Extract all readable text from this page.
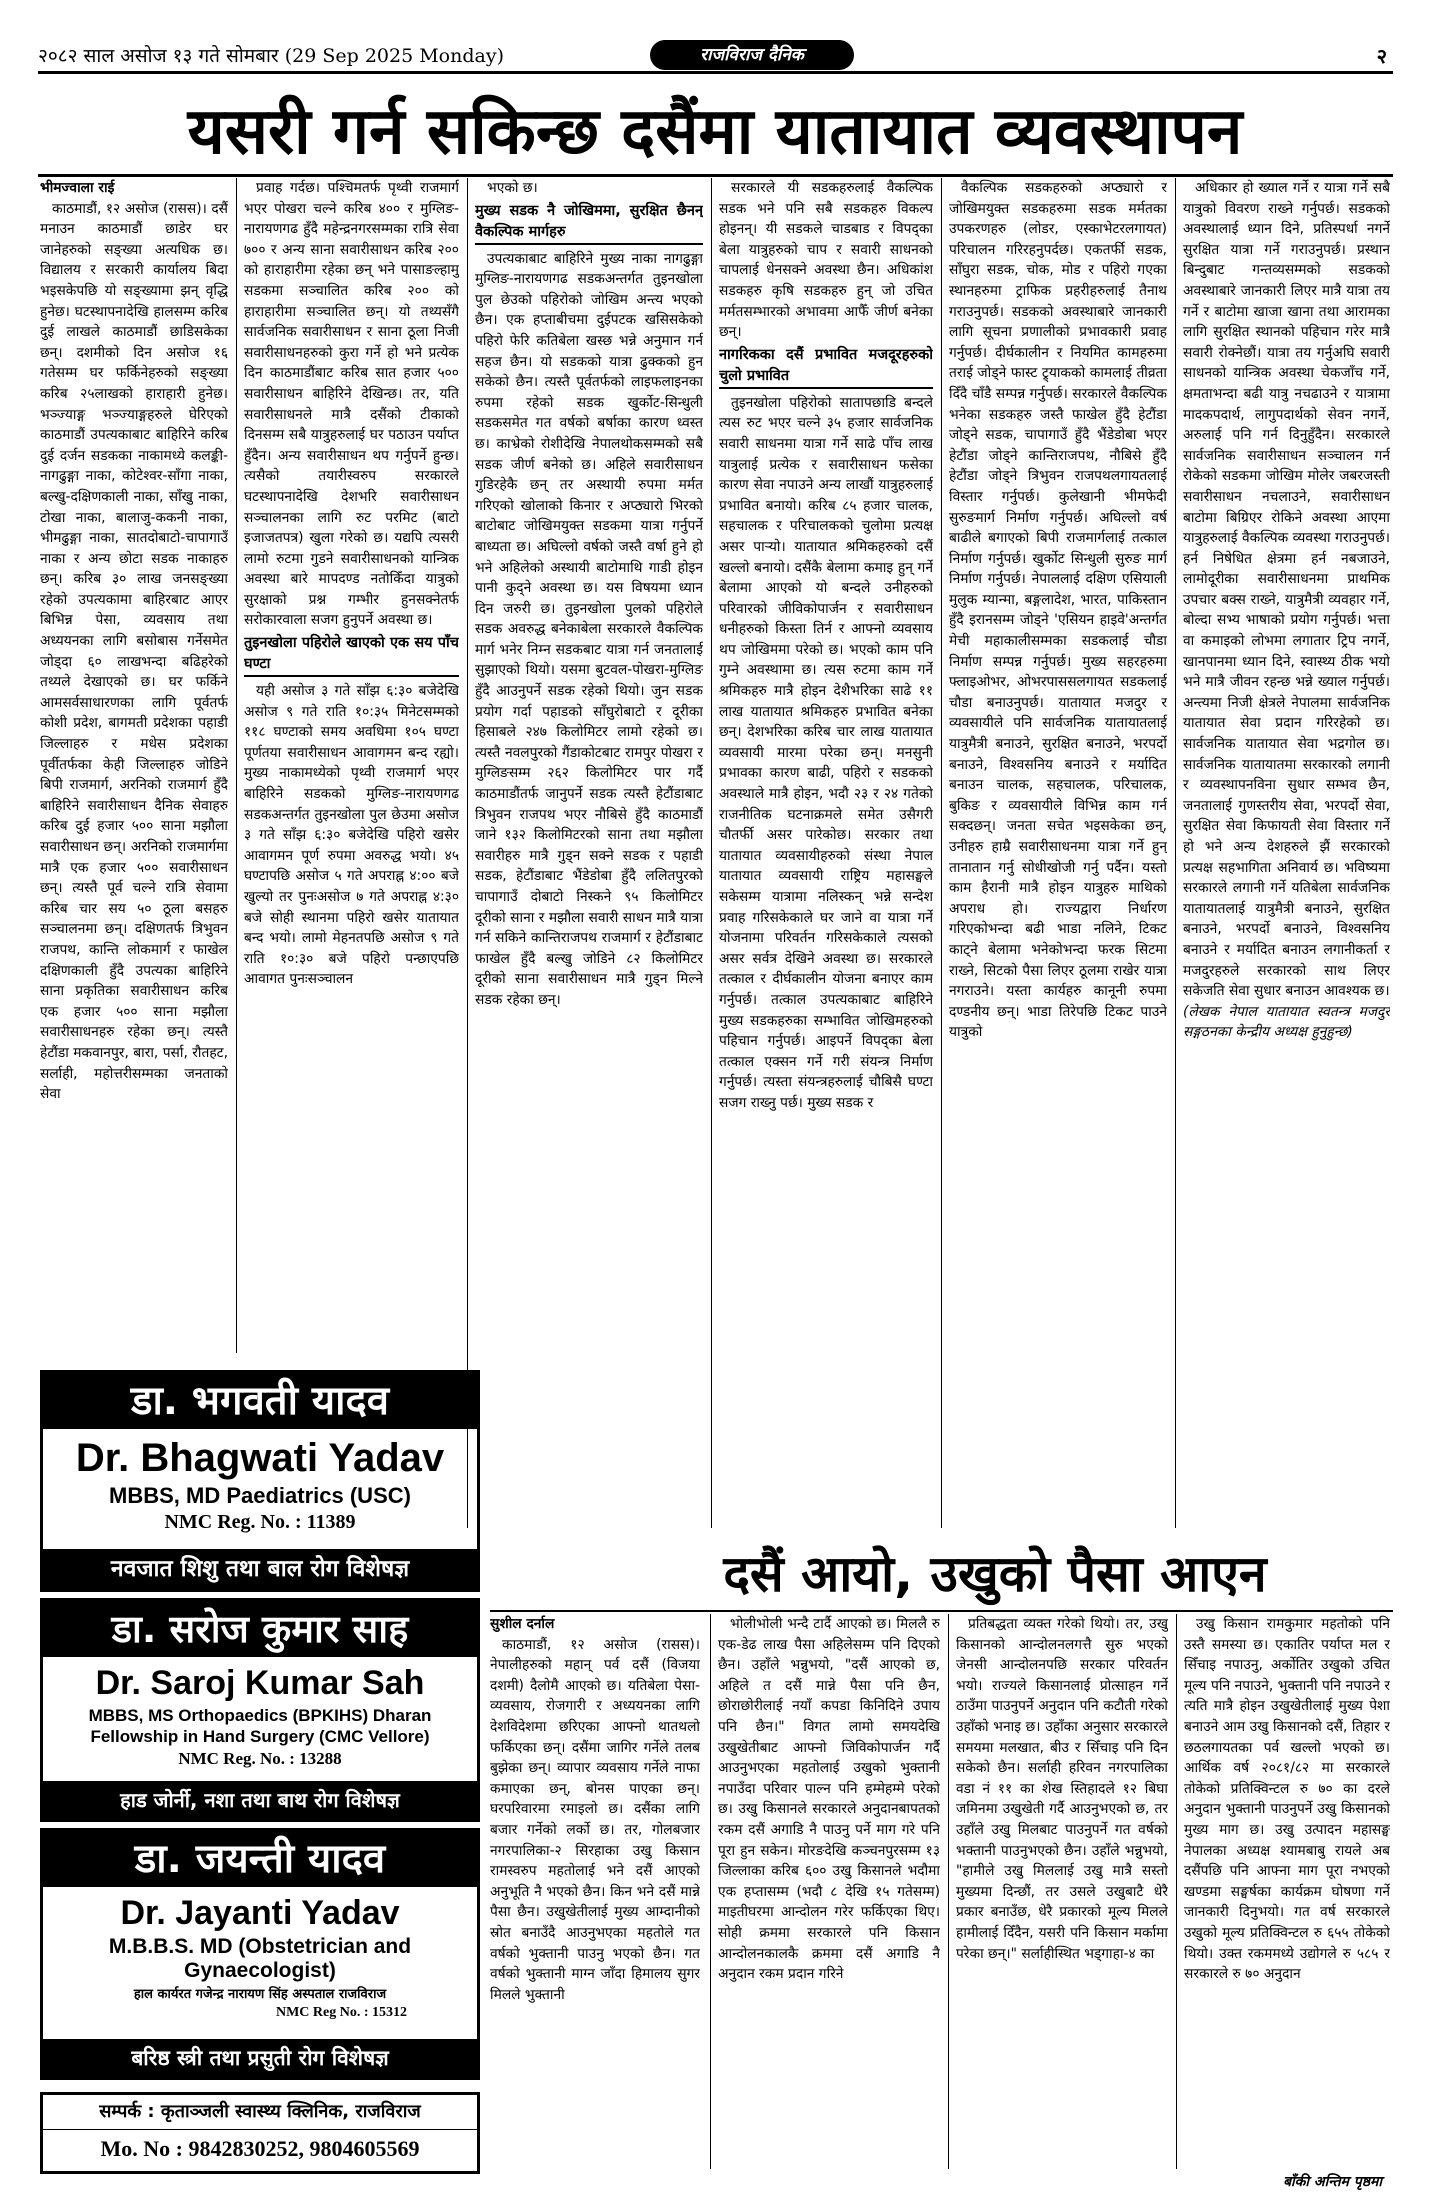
२०८२ साल असोज १३ गते सोमबार (29 Sep 2025 Monday)	राजविराज दैनिक	२
यसरी गर्न सकिन्छ दसैंमा यातायात व्यवस्थापन

भीमज्वाला राई

काठमाडौं, १२ असोज (रासस)। दसैं मनाउन काठमाडौं छाडेर घर जानेहरुको सङ्ख्या अत्यधिक छ। विद्यालय र सरकारी कार्यालय बिदा भइसकेपछि यो सङ्ख्यामा झन् वृद्धि हुनेछ। घटस्थापनादेखि हालसम्म करिब दुई लाखले काठमाडौं छाडिसकेका छन्। दशमीको दिन असोज १६ गतेसम्म घर फर्किनेहरुको सङ्ख्या करिब २५लाखको हाराहारी हुनेछ। भञ्ज्याङ्ग भञ्ज्याङ्गहरुले घेरिएको काठमाडौं उपत्यकाबाट बाहिरिने करिब दुई दर्जन सडकका नाकामध्ये कलङ्की-नागढुङ्गा नाका, कोटेश्वर-साँगा नाका, बल्खु-दक्षिणकाली नाका, साँखु नाका, टोखा नाका, बालाजु-ककनी नाका, भीमढुङ्गा नाका, सातदोबाटो-चापागाउँ नाका र अन्य छोटा सडक नाकाहरु छन्। करिब ३० लाख जनसङ्ख्या रहेको उपत्यकामा बाहिरबाट आएर बिभिन्न पेसा, व्यवसाय तथा अध्ययनका लागि बसोबास गर्नेसमेत जोड्दा ६० लाखभन्दा बढिहरेको तथ्यले देखाएको छ। घर फर्किने आमसर्वसाधारणका लागि पूर्वतर्फ कोशी प्रदेश, बागमती प्रदेशका पहाडी जिल्लाहरु र मधेस प्रदेशका पूर्वीतर्फका केही जिल्लाहरु जोडिने बिपी राजमार्ग, अरनिको राजमार्ग हुँदै बाहिरिने सवारीसाधन दैनिक सेवाहरु करिब दुई हजार ५०० साना मझौला सवारीसाधन छन्। अरनिको राजमार्गमा मात्रै एक हजार ५०० सवारीसाधन छन्। त्यस्तै पूर्व चल्ने रात्रि सेवामा करिब चार सय ५० ठूला बसहरु सञ्चालनमा छन्। दक्षिणतर्फ त्रिभुवन राजपथ, कान्ति लोकमार्ग र फाखेल दक्षिणकाली हुँदै उपत्यका बाहिरिने साना प्रकृतिका सवारीसाधन करिब एक हजार ५०० साना मझौला सवारीसाधनहरु रहेका छन्। त्यस्तै हेटौंडा मकवानपुर, बारा, पर्सा, रौतहट, सर्लाही, महोत्तरीसम्मका जनताको सेवा

प्रवाह गर्दछ। पश्चिमतर्फ पृथ्वी राजमार्ग भएर पोखरा चल्ने करिब ४०० र मुग्लिङ-नारायणगढ हुँदै महेन्द्रनगरसम्मका रात्रि सेवा ७०० र अन्य साना सवारीसाधन करिब २०० को हाराहारीमा रहेका छन् भने पासाङल्हामु सडकमा सञ्चालित करिब २०० को हाराहारीमा सञ्चालित छन्। यो तथ्यसँगै सार्वजनिक सवारीसाधन र साना ठूला निजी सवारीसाधनहरुको कुरा गर्ने हो भने प्रत्येक दिन काठमाडौंबाट करिब सात हजार ५०० सवारीसाधन बाहिरिने देखिन्छ। तर, यति सवारीसाधनले मात्रै दसैंको टीकाको दिनसम्म सबै यात्रुहरुलाई घर पठाउन पर्याप्त हुँदैन। अन्य सवारीसाधन थप गर्नुपर्ने हुन्छ। त्यसैको तयारीस्वरुप सरकारले घटस्थापनादेखि देशभरि सवारीसाधन सञ्चालनका लागि रुट परमिट (बाटो इजाजतपत्र) खुला गरेको छ। यद्यपि त्यसरी लामो रुटमा गुडने सवारीसाधनको यान्त्रिक अवस्था बारे मापदण्ड नतोकिँदा यात्रुको सुरक्षाको प्रश्न गम्भीर हुनसक्नेतर्फ सरोकारवाला सजग हुनुपर्ने अवस्था छ।

तुइनखोला पहिरोले खाएको एक सय पाँच घण्टा

यही असोज ३ गते साँझ ६:३० बजेदेखि असोज ९ गते राति १०:३५ मिनेटसम्मको ११८ घण्टाको समय अवधिमा १०५ घण्टा पूर्णतया सवारीसाधन आवागमन बन्द रह्यो। मुख्य नाकामध्येको पृथ्वी राजमार्ग भएर बाहिरिने सडकको मुग्लिङ-नारायणगढ सडकअन्तर्गत तुइनखोला पुल छेउमा असोज ३ गते साँझ ६:३० बजेदेखि पहिरो खसेर आवागमन पूर्ण रुपमा अवरुद्ध भयो। ४५ घण्टापछि असोज ५ गते अपराह्न ४:०० बजे खुल्यो तर पुनःअसोज ७ गते अपराह्न ४:३० बजे सोही स्थानमा पहिरो खसेर यातायात बन्द भयो। लामो मेहनतपछि असोज ९ गते राति १०:३० बजे पहिरो पन्छाएपछि आवागत पुनःसञ्चालन

भएको छ।

मुख्य सडक नै जोखिममा, सुरक्षित छैनन् वैकल्पिक मार्गहरु

उपत्यकाबाट बाहिरिने मुख्य नाका नागढुङ्गा मुग्लिङ-नारायणगढ सडकअन्तर्गत तुइनखोला पुल छेउको पहिरोको जोखिम अन्त्य भएको छैन। एक हप्ताबीचमा दुईपटक खसिसकेको पहिरो फेरि कतिबेला खस्छ भन्ने अनुमान गर्न सहज छैन। यो सडकको यात्रा ढुक्कको हुन सकेको छैन। त्यस्तै पूर्वतर्फको लाइफलाइनका रुपमा रहेको सडक खुर्कोट-सिन्धुली सडकसमेत गत वर्षको बर्षाका कारण ध्वस्त छ। काभ्रेको रोशीदेखि नेपालथोकसम्मको सबै सडक जीर्ण बनेको छ। अहिले सवारीसाधन गुडिरहेकै छन् तर अस्थायी रुपमा मर्मत गरिएको खोलाको किनार र अप्ठ्यारो भिरको बाटोबाट जोखिमयुक्त सडकमा यात्रा गर्नुपर्ने बाध्यता छ। अघिल्लो वर्षको जस्तै वर्षा हुने हो भने अहिलेको अस्थायी बाटोमाथि गाडी होइन पानी कुद्ने अवस्था छ। यस विषयमा ध्यान दिन जरुरी छ। तुइनखोला पुलको पहिरोले सडक अवरुद्ध बनेकाबेला सरकारले वैकल्पिक मार्ग भनेर निम्न सडकबाट यात्रा गर्न जनतालाई सुझाएको थियो। यसमा बुटवल-पोखरा-मुग्लिङ हुँदै आउनुपर्ने सडक रहेको थियो। जुन सडक प्रयोग गर्दा पहाडको साँघुरोबाटो र दूरीका हिसाबले २४७ किलोमिटर लामो रहेको छ। त्यस्तै नवलपुरको गैंडाकोटबाट रामपुर पोखरा र मुग्लिङसम्म २६२ किलोमिटर पार गर्दै काठमाडौंतर्फ जानुपर्ने सडक त्यस्तै हेटौंडाबाट त्रिभुवन राजपथ भएर नौबिसे हुँदै काठमाडौं जाने १३२ किलोमिटरको साना तथा मझौला सवारीहरु मात्रै गुड्न सक्ने सडक र पहाडी सडक, हेटौंडाबाट भैंडेडोबा हुँदै ललितपुरको चापागाउँ दोबाटो निस्कने ९५ किलोमिटर दूरीको साना र मझौला सवारी साधन मात्रै यात्रा गर्न सकिने कान्तिराजपथ राजमार्ग र हेटौंडाबाट फाखेल हुँदै बल्खु जोडिने ८२ किलोमिटर दूरीको साना सवारीसाधन मात्रै गुड्न मिल्ने सडक रहेका छन्।

सरकारले यी सडकहरुलाई वैकल्पिक सडक भने पनि सबै सडकहरु विकल्प होइनन्। यी सडकले चाडबाड र विपद्का बेला यात्रुहरुको चाप र सवारी साधनको चापलाई धेनसक्ने अवस्था छैन। अधिकांश सडकहरु कृषि सडकहरु हुन् जो उचित मर्मतसम्भारको अभावमा आफैँ जीर्ण बनेका छन्।

नागरिकका दसैं प्रभावित मजदूरहरुको चुलो प्रभावित

तुइनखोला पहिरोको सातापछाडि बन्दले त्यस रुट भएर चल्ने ३५ हजार सार्वजनिक सवारी साधनमा यात्रा गर्ने साढे पाँच लाख यात्रुलाई प्रत्येक र सवारीसाधन फसेका कारण सेवा नपाउने अन्य लाखौं यात्रुहरुलाई प्रभावित बनायो। करिब ८५ हजार चालक, सहचालक र परिचालकको चुलोमा प्रत्यक्ष असर पार्‍यो। यातायात श्रमिकहरुको दसैं खल्लो बनायो। दसैंकै बेलामा कमाइ हुन् गर्ने बेलामा आएको यो बन्दले उनीहरुको परिवारको जीविकोपार्जन र सवारीसाधन धनीहरुको किस्ता तिर्न र आफ्नो व्यवसाय थप जोखिममा परेको छ। भएको काम पनि गुम्ने अवस्थामा छ। त्यस रुटमा काम गर्ने श्रमिकहरु मात्रै होइन देशैभरिका साढे ११ लाख यातायात श्रमिकहरु प्रभावित बनेका छन्। देशभरिका करिब चार लाख यातायात व्यवसायी मारमा परेका छन्। मनसुनी प्रभावका कारण बाढी, पहिरो र सडकको अवस्थाले मात्रै होइन, भदौ २३ र २४ गतेको राजनीतिक घटनाक्रमले समेत उसैगरी चौतर्फी असर पारेकोछ। सरकार तथा यातायात व्यवसायीहरुको संस्था नेपाल यातायात व्यवसायी राष्ट्रिय महासङ्घले सकेसम्म यात्रामा नलिस्कन् भन्ने सन्देश प्रवाह गरिसकेकाले घर जाने वा यात्रा गर्ने योजनामा परिवर्तन गरिसकेकाले त्यसको असर सर्वत्र देखिने अवस्था छ। सरकारले तत्काल र दीर्घकालीन योजना बनाएर काम गर्नुपर्छ। तत्काल उपत्यकाबाट बाहिरिने मुख्य सडकहरुका सम्भावित जोखिमहरुको पहिचान गर्नुपर्छ। आइपर्ने विपद्का बेला तत्काल एक्सन गर्ने गरी संयन्त्र निर्माण गर्नुपर्छ। त्यस्ता संयन्त्रहरुलाई चौबिसै घण्टा सजग राख्नु पर्छ। मुख्य सडक र

वैकल्पिक सडकहरुको अप्ठ्यारो र जोखिमयुक्त सडकहरुमा सडक मर्मतका उपकरणहरु (लोडर, एस्काभेटरलगायत) परिचालन गरिरहनुपर्दछ। एकतर्फी सडक, साँघुरा सडक, चोक, मोड र पहिरो गएका स्थानहरुमा ट्राफिक प्रहरीहरुलाई तैनाथ गराउनुपर्छ। सडकको अवस्थाबारे जानकारी लागि सूचना प्रणालीको प्रभावकारी प्रवाह गर्नुपर्छ। दीर्घकालीन र नियमित कामहरुमा तराई जोड्ने फास्ट ट्र्याकको कामलाई तीव्रता दिँदै चाँडै सम्पन्न गर्नुपर्छ। सरकारले वैकल्पिक भनेका सडकहरु जस्तै फाखेल हुँदै हेटौंडा जोड्ने सडक, चापागाउँ हुँदै भैंडेडोबा भएर हेटौंडा जोड्ने कान्तिराजपथ, नौबिसे हुँदै हेटौंडा जोड्ने त्रिभुवन राजपथलगायतलाई विस्तार गर्नुपर्छ। कुलेखानी भीमफेदी सुरुङमार्ग निर्माण गर्नुपर्छ। अघिल्लो वर्ष बाढीले बगाएको बिपी राजमार्गलाई तत्काल निर्माण गर्नुपर्छ। खुर्कोट सिन्धुली सुरुङ मार्ग निर्माण गर्नुपर्छ। नेपाललाई दक्षिण एसियाली मुलुक म्यान्मा, बङ्गलादेश, भारत, पाकिस्तान हुँदै इरानसम्म जोड्ने 'एसियन हाइवे'अन्तर्गत मेची महाकालीसम्मका सडकलाई चौडा निर्माण सम्पन्न गर्नुपर्छ। मुख्य सहरहरुमा फ्लाइओभर, ओभरपाससलगायत सडकलाई चौडा बनाउनुपर्छ। यातायात मजदुर र व्यवसायीले पनि सार्वजनिक यातायातलाई यात्रुमैत्री बनाउने, सुरक्षित बनाउने, भरपर्दो बनाउने, विश्वसनिय बनाउने र मर्यादित बनाउन चालक, सहचालक, परिचालक, बुकिङ र व्यवसायीले विभिन्न काम गर्न सक्दछन्। जनता सचेत भइसकेका छन्, उनीहरु हाम्रै सवारीसाधनमा यात्रा गर्ने हुन् तानातान गर्नु सोधीखोजी गर्नु पर्दैन। यस्तो काम हैरानी मात्रै होइन यात्रुहरु माथिको अपराध हो। राज्यद्वारा निर्धारण गरिएकोभन्दा बढी भाडा नलिने, टिकट काट्ने बेलामा भनेकोभन्दा फरक सिटमा राख्ने, सिटको पैसा लिएर ठूलमा राखेर यात्रा नगराउने। यस्ता कार्यहरु कानूनी रुपमा दण्डनीय छन्। भाडा तिरेपछि टिकट पाउने यात्रुको

अधिकार हो ख्याल गर्ने र यात्रा गर्ने सबै यात्रुको विवरण राख्ने गर्नुपर्छ। सडकको अवस्थालाई ध्यान दिने, प्रतिस्पर्धा नगर्ने सुरक्षित यात्रा गर्ने गराउनुपर्छ। प्रस्थान बिन्दुबाट गन्तव्यसम्मको सडकको अवस्थाबारे जानकारी लिएर मात्रै यात्रा तय गर्ने र बाटोमा खाजा खाना तथा आरामका लागि सुरक्षित स्थानको पहिचान गरेर मात्रै सवारी रोक्नेछौं। यात्रा तय गर्नुअघि सवारी साधनको यान्त्रिक अवस्था चेकजाँच गर्ने, क्षमताभन्दा बढी यात्रु नचढाउने र यात्रामा मादकपदार्थ, लागुपदार्थको सेवन नगर्ने, अरुलाई पनि गर्न दिनुहुँदैन। सरकारले सार्वजनिक सवारीसाधन सञ्चालन गर्न रोकेको सडकमा जोखिम मोलेर जबरजस्ती सवारीसाधन नचलाउने, सवारीसाधन बाटोमा बिग्रिएर रोकिने अवस्था आएमा यात्रुहरुलाई वैकल्पिक व्यवस्था गराउनुपर्छ। हर्न निषेधित क्षेत्रमा हर्न नबजाउने, लामोदूरीका सवारीसाधनमा प्राथमिक उपचार बक्स राख्ने, यात्रुमैत्री व्यवहार गर्ने, बोल्दा सभ्य भाषाको प्रयोग गर्नुपर्छ। भत्ता वा कमाइको लोभमा लगातार ट्रिप नगर्ने, खानपानमा ध्यान दिने, स्वास्थ्य ठीक भयो भने मात्रै जीवन रहन्छ भन्ने ख्याल गर्नुपर्छ। अन्त्यमा निजी क्षेत्रले नेपालमा सार्वजनिक यातायात सेवा प्रदान गरिरहेको छ। सार्वजनिक यातायात सेवा भद्रगोल छ। सार्वजनिक यातायातमा सरकारको लगानी र व्यवस्थापनविना सुधार सम्भव छैन, जनतालाई गुणस्तरीय सेवा, भरपर्दो सेवा, सुरक्षित सेवा किफायती सेवा विस्तार गर्ने हो भने अन्य देशहरुले झैं सरकारको प्रत्यक्ष सहभागिता अनिवार्य छ। भविष्यमा सरकारले लगानी गर्ने यतिबेला सार्वजनिक यातायातलाई यात्रुमैत्री बनाउने, सुरक्षित बनाउने, भरपर्दो बनाउने, विश्वसनिय बनाउने र मर्यादित बनाउन लगानीकर्ता र मजदुरहरुले सरकारको साथ लिएर सकेजति सेवा सुधार बनाउन आवश्यक छ।

(लेखक नेपाल यातायात स्वतन्त्र मजदुर सङ्गठनका केन्द्रीय अध्यक्ष हुनुहुन्छ)

डा. भगवती यादव
Dr. Bhagwati Yadav
MBBS, MD Paediatrics (USC)
NMC Reg. No. : 11389
नवजात शिशु तथा बाल रोग विशेषज्ञ
डा. सरोज कुमार साह
Dr. Saroj Kumar Sah
MBBS, MS Orthopaedics (BPKIHS) Dharan Fellowship in Hand Surgery (CMC Vellore)
NMC Reg. No. : 13288
हाड जोर्नी, नशा तथा बाथ रोग विशेषज्ञ
डा. जयन्ती यादव
Dr. Jayanti Yadav
M.B.B.S. MD (Obstetrician and Gynaecologist)
हाल कार्यरत गजेन्द्र नारायण सिंह अस्पताल राजविराज
NMC Reg No. : 15312
बरिष्ठ स्त्री तथा प्रसुती रोग विशेषज्ञ
सम्पर्क : कृताञ्जली स्वास्थ्य क्लिनिक, राजविराज
Mo. No : 9842830252, 9804605569
दसैं आयो, उखुको पैसा आएन

सुशील दर्नाल

काठमाडौं, १२ असोज (रासस)। नेपालीहरुको महान् पर्व दसैं (विजया दशमी) दैलोमै आएको छ। यतिबेला पेसा-व्यवसाय, रोजगारी र अध्ययनका लागि देशविदेशमा छरिएका आफ्नो थातथलो फर्किएका छन्। दसैंमा जागिर गर्नेले तलब बुझेका छन्। व्यापार व्यवसाय गर्नेले नाफा कमाएका छन्, बोनस पाएका छन्। घरपरिवारमा रमाइलो छ। दसैंका लागि बजार गर्नेको लर्को छ। तर, गोलबजार नगरपालिका-२ सिरहाका उखु किसान रामस्वरुप महतोलाई भने दसैं आएको अनुभूति नै भएको छैन। किन भने दसैं मान्ने पैसा छैन। उखुखेतीलाई मुख्य आम्दानीको स्रोत बनाउँदै आउनुभएका महतोले गत वर्षको भुक्तानी पाउनु भएको छैन। गत वर्षको भुक्तानी माग्न जाँदा हिमालय सुगर मिलले भुक्तानी

भोलीभोली भन्दै टार्दै आएको छ। मिललै रु एक-डेढ लाख पैसा अहिलेसम्म पनि दिएको छैन। उहाँले भन्नुभयो, "दसैं आएको छ, अहिले त दसैं मान्ने पैसा पनि छैन, छोराछोरीलाई नयाँ कपडा किनिदिने उपाय पनि छैन।" विगत लामो समयदेखि उखुखेतीबाट आफ्नो जिविकोपार्जन गर्दै आउनुभएका महतोलाई उखुको भुक्तानी नपाउँदा परिवार पाल्न पनि हम्मेहम्मे परेको छ। उखु किसानले सरकारले अनुदानबापतको रकम दसैं अगाडि नै पाउनु पर्ने माग गरे पनि पूरा हुन सकेन। मोरङदेखि कञ्चनपुरसम्म १३ जिल्लाका करिब ६०० उखु किसानले भदौमा एक हप्तासम्म (भदौ ८ देखि १५ गतेसम्म) माइतीघरमा आन्दोलन गरेर फर्किएका थिए। सोही क्रममा सरकारले पनि किसान आन्दोलनकालकै क्रममा दसैं अगाडि नै अनुदान रकम प्रदान गरिने

प्रतिबद्धता व्यक्त गरेको थियो। तर, उखु किसानको आन्दोलनलगत्तै सुरु भएको जेनसी आन्दोलनपछि सरकार परिवर्तन भयो। राज्यले किसानलाई प्रोत्साहन गर्ने ठाउँमा पाउनुपर्ने अनुदान पनि कटौती गरेको उहाँको भनाइ छ। उहाँका अनुसार सरकारले समयमा मलखात, बीउ र सिँचाइ पनि दिन सकेको छैन। सर्लाही हरिवन नगरपालिका वडा नं ११ का शेख स्तिहादले १२ बिघा जमिनमा उखुखेती गर्दै आउनुभएको छ, तर उहाँले उखु मिलबाट पाउनुपर्ने गत वर्षको भक्तानी पाउनुभएको छैन। उहाँले भन्नुभयो, "हामीले उखु मिललाई उखु मात्रै सस्तो मुख्यमा दिन्छौं, तर उसले उखुबाटै धेरै प्रकार बनाउँछ, धेरै प्रकारको मूल्य मिलले हामीलाई दिँदैन, यसरी पनि किसान मर्कामा परेका छन्।" सर्लाहीस्थित भड्गाहा-४ का

उखु किसान रामकुमार महतोको पनि उस्तै समस्या छ। एकातिर पर्याप्त मल र सिँचाइ नपाउनु, अर्कोतिर उखुको उचित मूल्य पनि नपाउने, भुक्तानी पनि नपाउने र त्यति मात्रै होइन उखुखेतीलाई मुख्य पेशा बनाउने आम उखु किसानको दसैं, तिहार र छठलगायतका पर्व खल्लो भएको छ। आर्थिक वर्ष २०८१/८२ मा सरकारले तोकेको प्रतिक्विन्टल रु ७० का दरले अनुदान भुक्तानी पाउनुपर्ने उखु किसानको मुख्य माग छ। उखु उत्पादन महासङ्घ नेपालका अध्यक्ष श्यामबाबु रायले अब दसैंपछि पनि आफ्ना माग पूरा नभएको खण्डमा सङ्घर्षका कार्यक्रम घोषणा गर्ने जानकारी दिनुभयो। गत वर्ष सरकारले उखुको मूल्य प्रतिक्विन्टल रु ६५५ तोकेको थियो। उक्त रकममध्ये उद्योगले रु ५८५ र सरकारले रु ७० अनुदान

बाँकी अन्तिम पृष्ठमा
